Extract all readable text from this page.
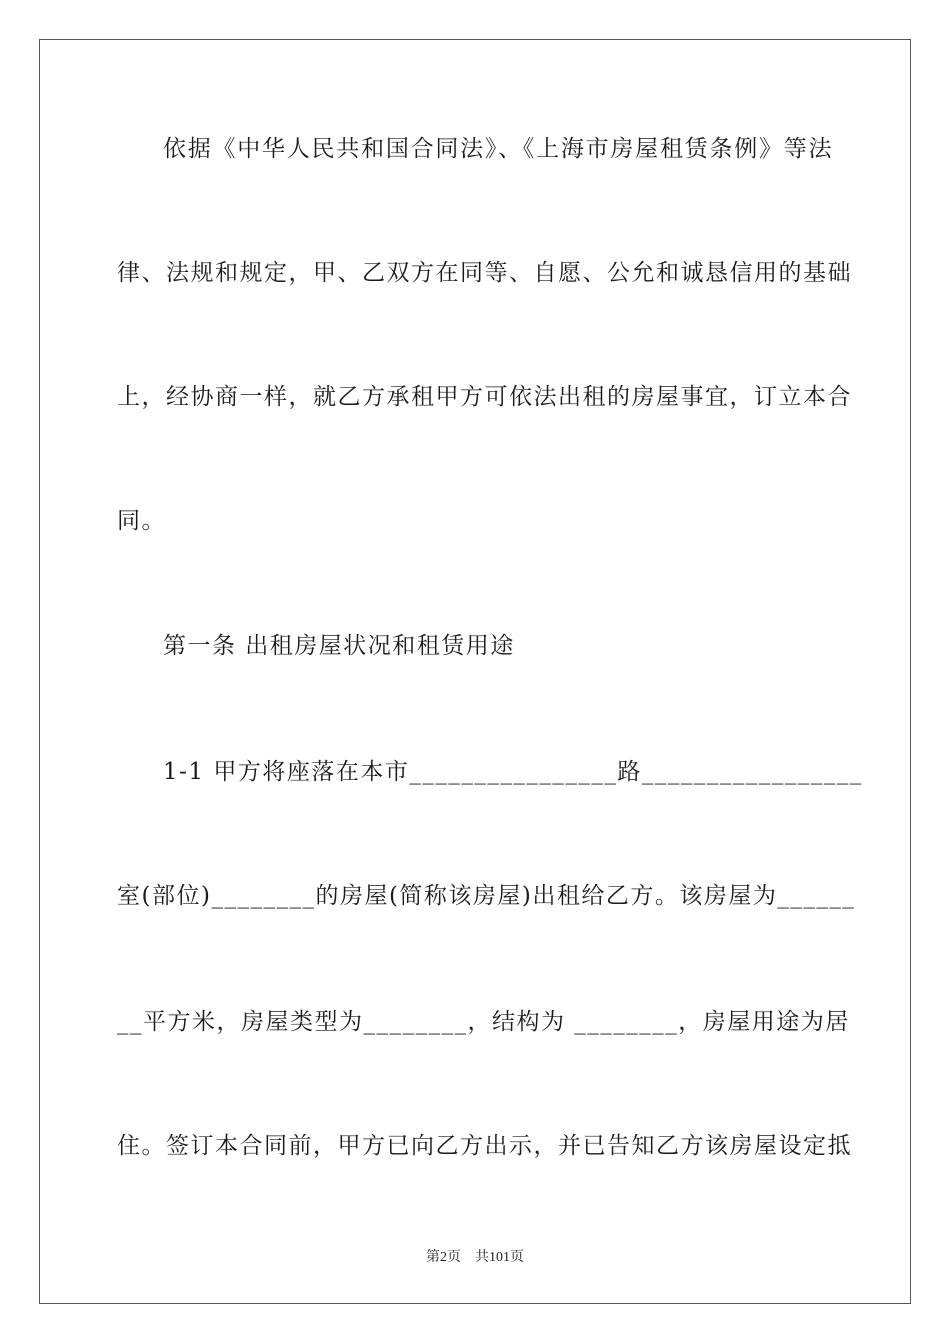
依据《中华人民共和国合同法》、《上海市房屋租赁条例》等法
律、法规和规定，甲、乙双方在同等、自愿、公允和诚恳信用的基础
上，经协商一样，就乙方承租甲方可依法出租的房屋事宜，订立本合
同。
第一条 出租房屋状况和租赁用途
1-1 甲方将座落在本市________________路_________________
室(部位)________的房屋(简称该房屋)出租给乙方。该房屋为______
__平方米，房屋类型为________，结构为 ________，房屋用途为居
住。签订本合同前，甲方已向乙方出示，并已告知乙方该房屋设定抵
第2页 共101页
